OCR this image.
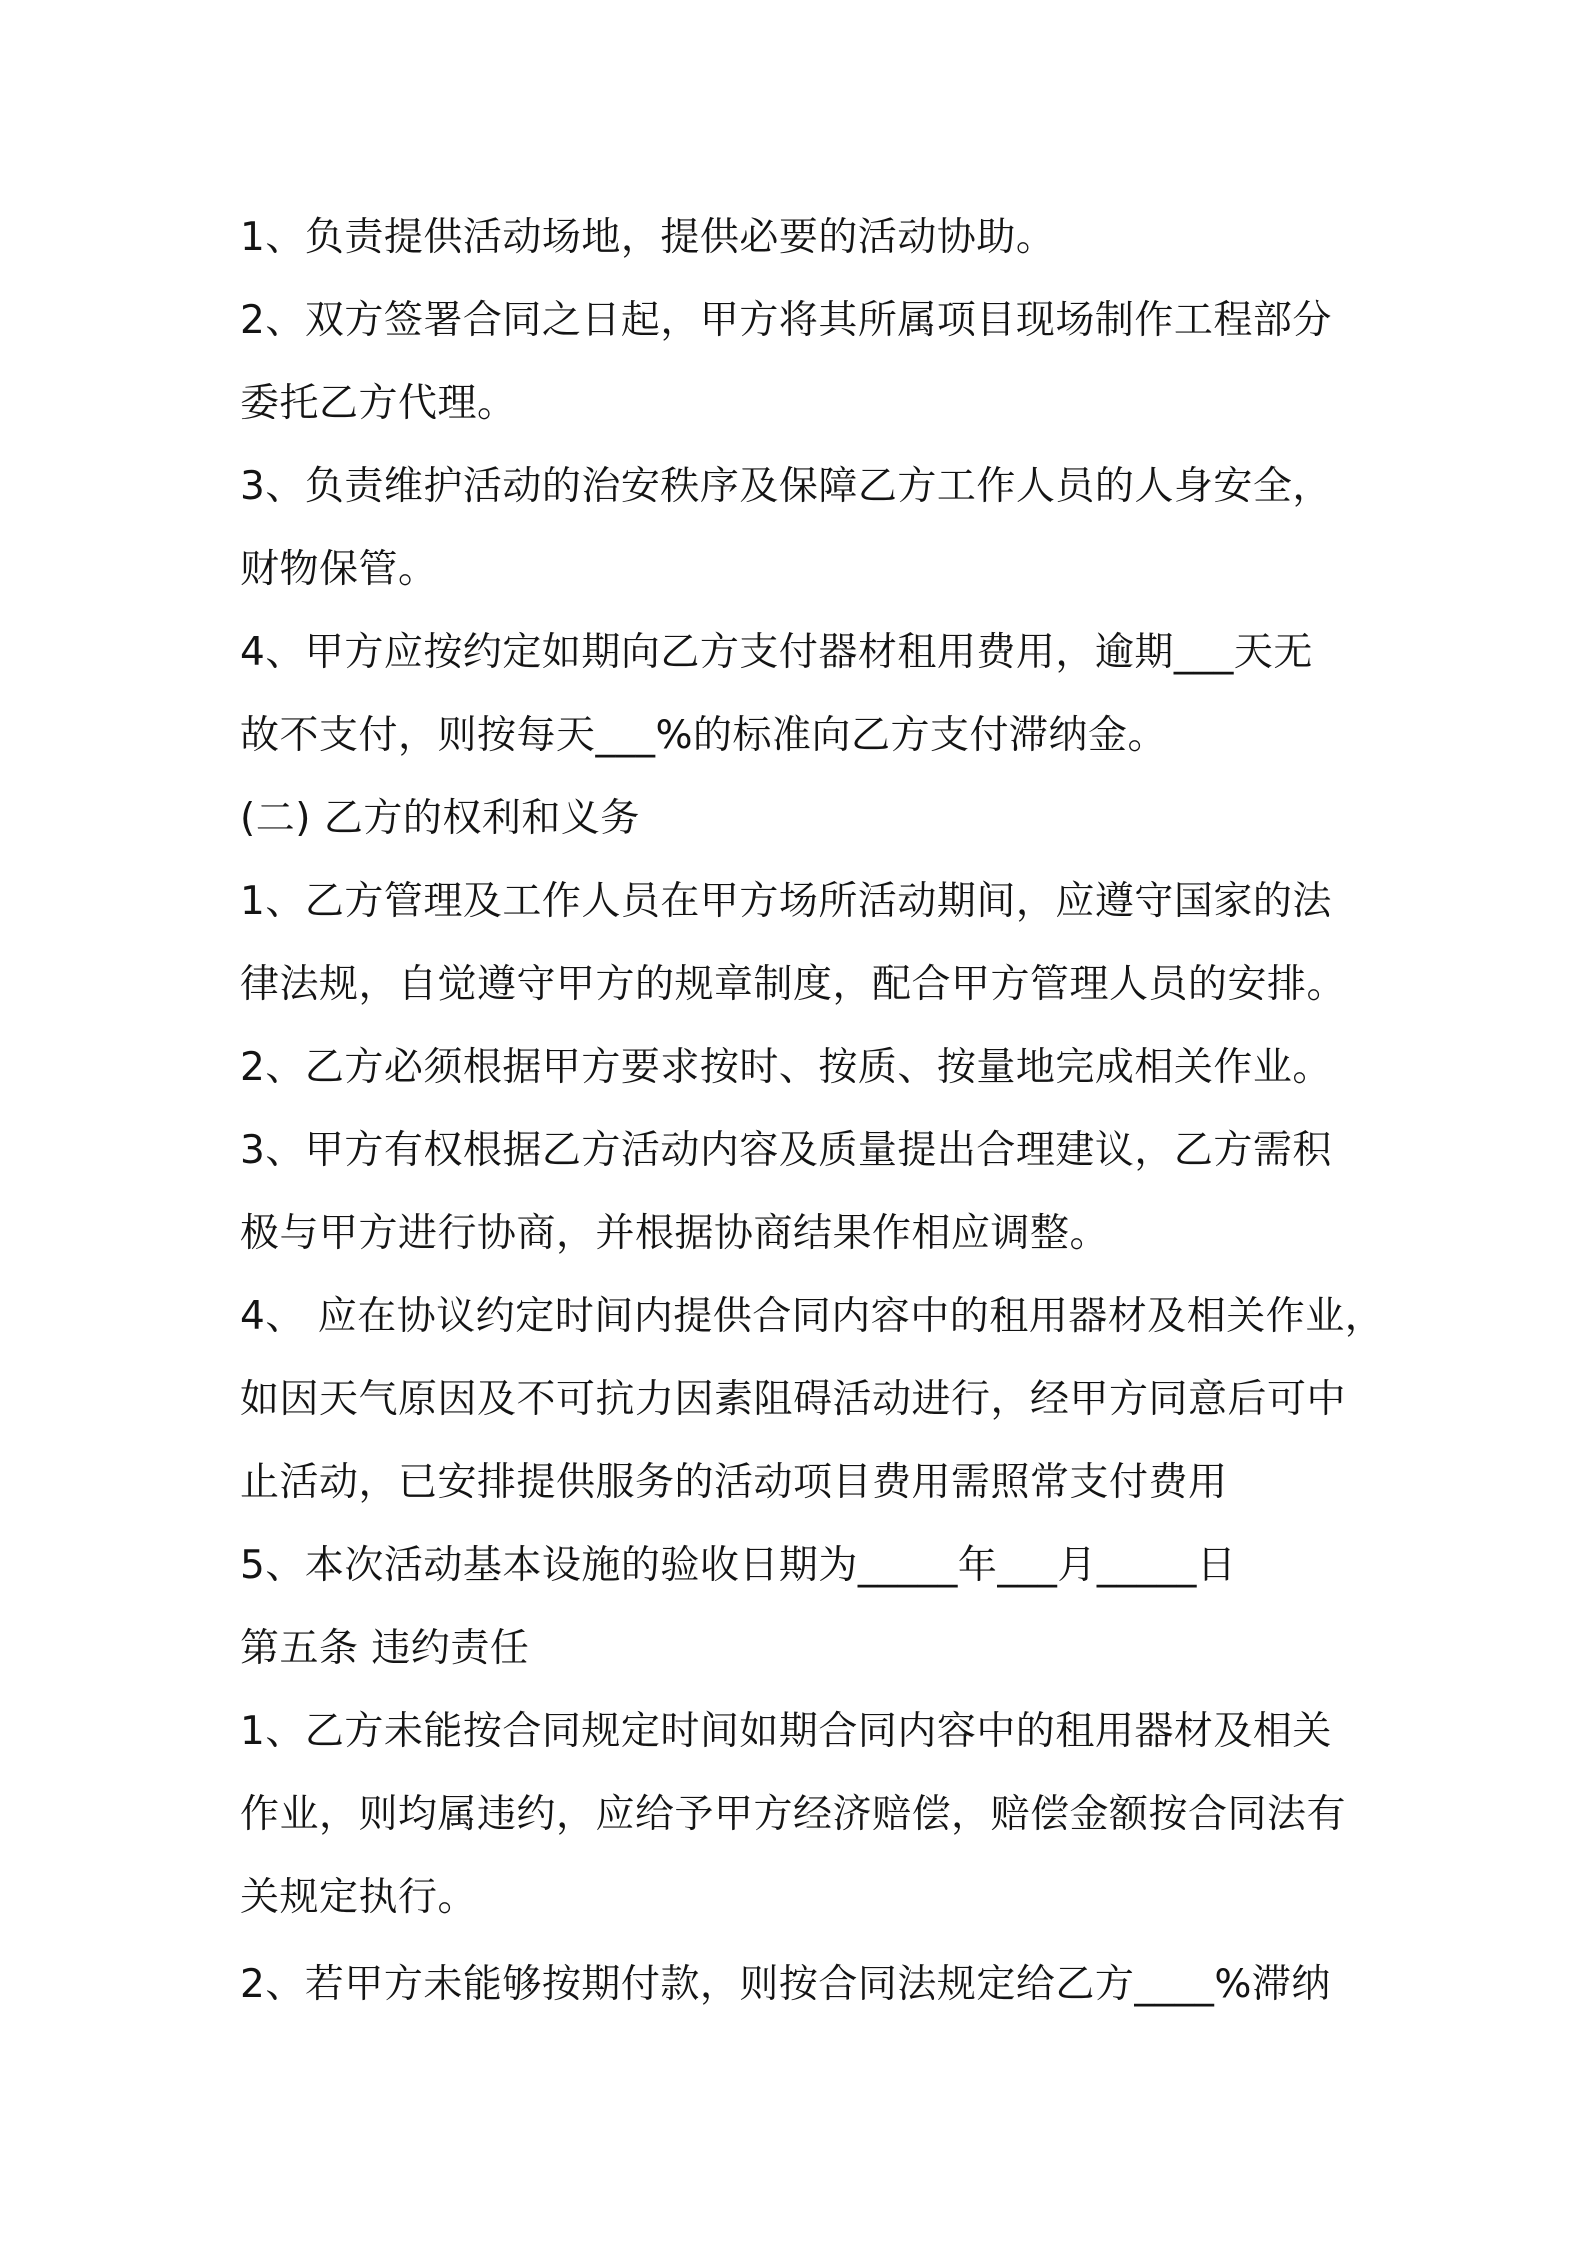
1、负责提供活动场地，提供必要的活动协助。
2、双方签署合同之日起，甲方将其所属项目现场制作工程部分
委托乙方代理。
3、负责维护活动的治安秩序及保障乙方工作人员的人身安全，
财物保管。
4、甲方应按约定如期向乙方支付器材租用费用，逾期___天无
故不支付，则按每天___%的标准向乙方支付滞纳金。
(二) 乙方的权利和义务
1、乙方管理及工作人员在甲方场所活动期间，应遵守国家的法
律法规，自觉遵守甲方的规章制度，配合甲方管理人员的安排。
2、乙方必须根据甲方要求按时、按质、按量地完成相关作业。
3、甲方有权根据乙方活动内容及质量提出合理建议，乙方需积
极与甲方进行协商，并根据协商结果作相应调整。
4、 应在协议约定时间内提供合同内容中的租用器材及相关作业，
如因天气原因及不可抗力因素阻碍活动进行，经甲方同意后可中
止活动，已安排提供服务的活动项目费用需照常支付费用
5、本次活动基本设施的验收日期为_____年___月_____日
第五条 违约责任
1、乙方未能按合同规定时间如期合同内容中的租用器材及相关
作业，则均属违约，应给予甲方经济赔偿，赔偿金额按合同法有
关规定执行。
2、若甲方未能够按期付款，则按合同法规定给乙方____%滞纳
